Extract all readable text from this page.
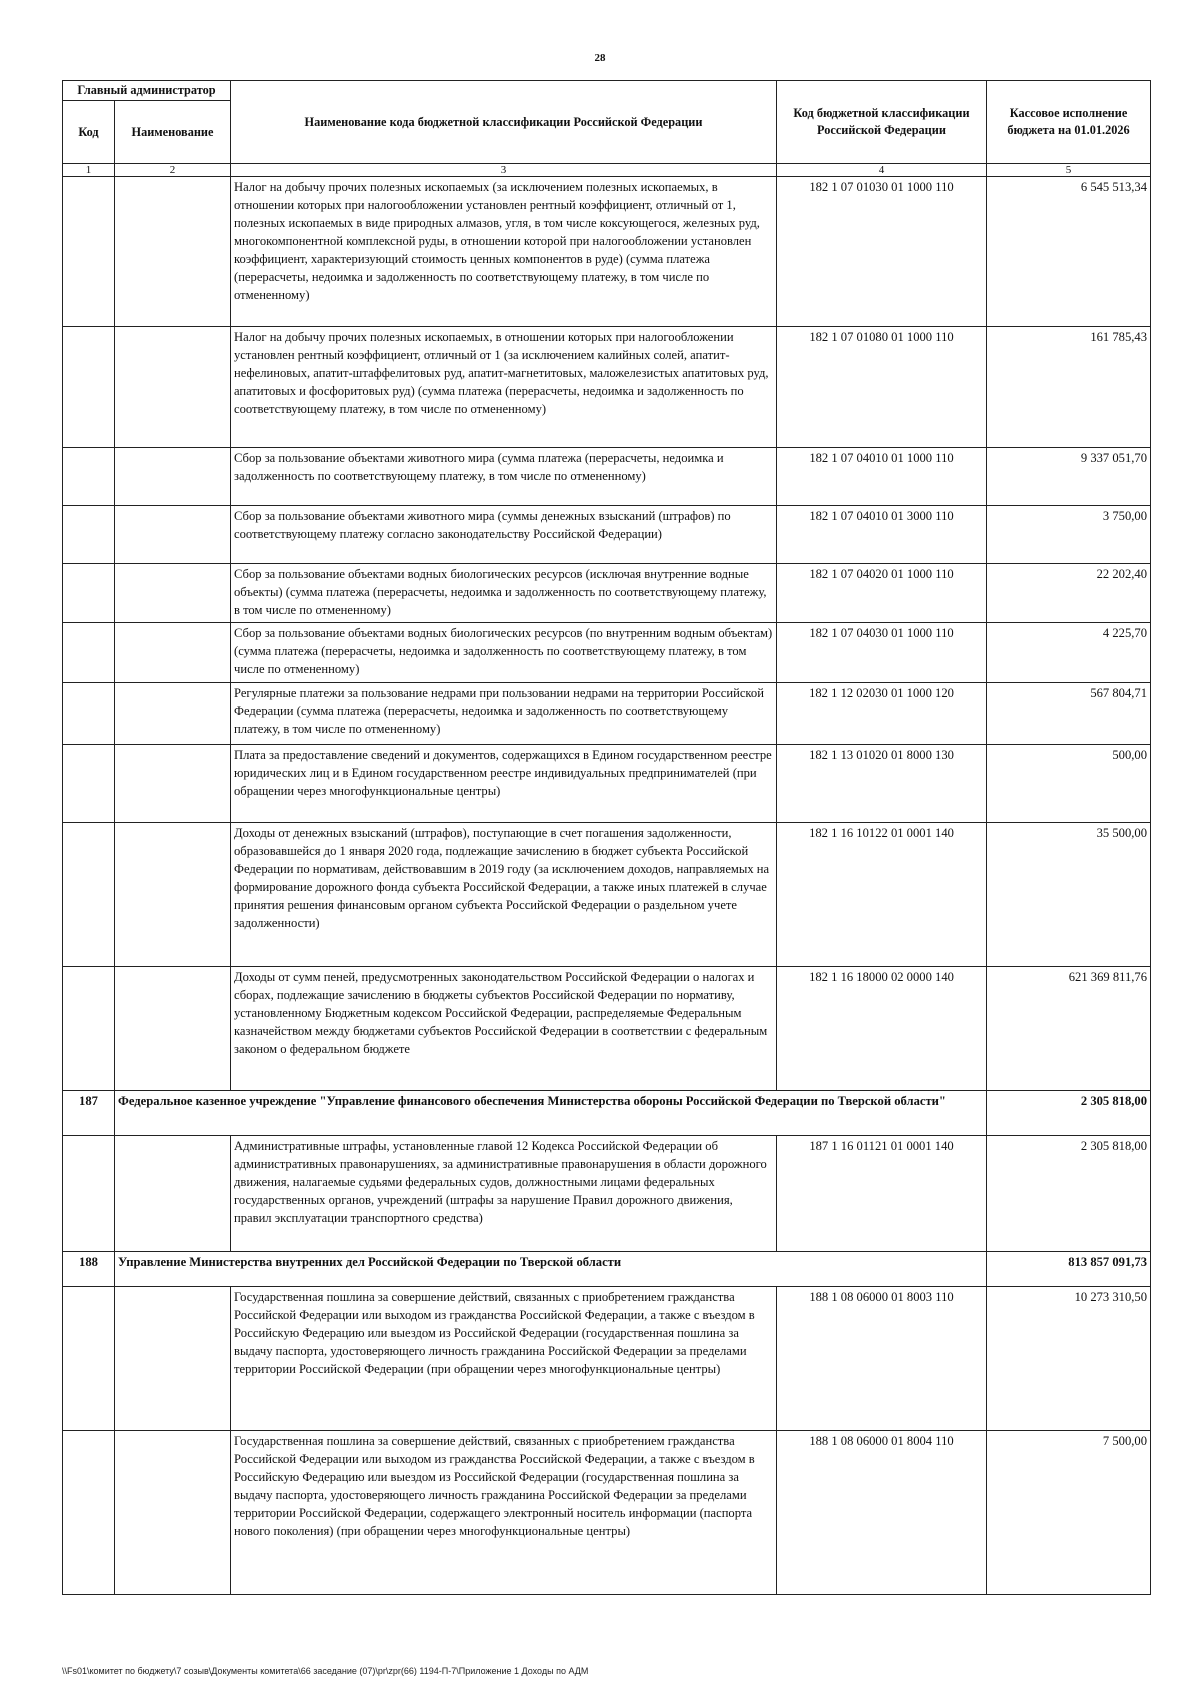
28
Главный администратор		Наименование кода бюджетной классификации Российской Федерации	Код бюджетной классификации Российской Федерации	Кассовое исполнение бюджета на 01.01.2026
Код	Наименование			
1	2	3	4	5
		Налог на добычу прочих полезных ископаемых (за исключением полезных ископаемых, в отношении которых при налогообложении установлен рентный коэффициент, отличный от 1, полезных ископаемых в виде природных алмазов, угля, в том числе коксующегося, железных руд, многокомпонентной комплексной руды, в отношении которой при налогообложении установлен коэффициент, характеризующий стоимость ценных компонентов в руде) (сумма платежа (перерасчеты, недоимка и задолженность по соответствующему платежу, в том числе по отмененному)	182 1 07 01030 01 1000 110	6 545 513,34
		Налог на добычу прочих полезных ископаемых, в отношении которых при налогообложении установлен рентный коэффициент, отличный от 1 (за исключением калийных солей, апатит-нефелиновых, апатит-штаффелитовых руд, апатит-магнетитовых, маложелезистых апатитовых руд, апатитовых и фосфоритовых руд) (сумма платежа (перерасчеты, недоимка и задолженность по соответствующему платежу, в том числе по отмененному)	182 1 07 01080 01 1000 110	161 785,43
		Сбор за пользование объектами животного мира (сумма платежа (перерасчеты, недоимка и задолженность по соответствующему платежу, в том числе по отмененному)	182 1 07 04010 01 1000 110	9 337 051,70
		Сбор за пользование объектами животного мира (суммы денежных взысканий (штрафов) по соответствующему платежу согласно законодательству Российской Федерации)	182 1 07 04010 01 3000 110	3 750,00
		Сбор за пользование объектами водных биологических ресурсов (исключая внутренние водные объекты) (сумма платежа (перерасчеты, недоимка и задолженность по соответствующему платежу, в том числе по отмененному)	182 1 07 04020 01 1000 110	22 202,40
		Сбор за пользование объектами водных биологических ресурсов (по внутренним водным объектам) (сумма платежа (перерасчеты, недоимка и задолженность по соответствующему платежу, в том числе по отмененному)	182 1 07 04030 01 1000 110	4 225,70
		Регулярные платежи за пользование недрами при пользовании недрами на территории Российской Федерации (сумма платежа (перерасчеты, недоимка и задолженность по соответствующему платежу, в том числе по отмененному)	182 1 12 02030 01 1000 120	567 804,71
		Плата за предоставление сведений и документов, содержащихся в Едином государственном реестре юридических лиц и в Едином государственном реестре индивидуальных предпринимателей (при обращении через многофункциональные центры)	182 1 13 01020 01 8000 130	500,00
		Доходы от денежных взысканий (штрафов), поступающие в счет погашения задолженности, образовавшейся до 1 января 2020 года, подлежащие зачислению в бюджет субъекта Российской Федерации по нормативам, действовавшим в 2019 году (за исключением доходов, направляемых на формирование дорожного фонда субъекта Российской Федерации, а также иных платежей в случае принятия решения финансовым органом субъекта Российской Федерации о раздельном учете задолженности)	182 1 16 10122 01 0001 140	35 500,00
		Доходы от сумм пеней, предусмотренных законодательством Российской Федерации о налогах и сборах, подлежащие зачислению в бюджеты субъектов Российской Федерации по нормативу, установленному Бюджетным кодексом Российской Федерации, распределяемые Федеральным казначейством между бюджетами субъектов Российской Федерации в соответствии с федеральным законом о федеральном бюджете	182 1 16 18000 02 0000 140	621 369 811,76
187	Федеральное казенное учреждение "Управление финансового обеспечения Министерства обороны Российской Федерации по Тверской области"			2 305 818,00
		Административные штрафы, установленные главой 12 Кодекса Российской Федерации об административных правонарушениях, за административные правонарушения в области дорожного движения, налагаемые судьями федеральных судов, должностными лицами федеральных государственных органов, учреждений (штрафы за нарушение Правил дорожного движения, правил эксплуатации транспортного средства)	187 1 16 01121 01 0001 140	2 305 818,00
188	Управление Министерства внутренних дел Российской Федерации по Тверской области			813 857 091,73
		Государственная пошлина за совершение действий, связанных с приобретением гражданства Российской Федерации или выходом из гражданства Российской Федерации, а также с въездом в Российскую Федерацию или выездом из Российской Федерации (государственная пошлина за выдачу паспорта, удостоверяющего личность гражданина Российской Федерации за пределами территории Российской Федерации (при обращении через многофункциональные центры)	188 1 08 06000 01 8003 110	10 273 310,50
		Государственная пошлина за совершение действий, связанных с приобретением гражданства Российской Федерации или выходом из гражданства Российской Федерации, а также с въездом в Российскую Федерацию или выездом из Российской Федерации (государственная пошлина за выдачу паспорта, удостоверяющего личность гражданина Российской Федерации за пределами территории Российской Федерации, содержащего электронный носитель информации (паспорта нового поколения) (при обращении через многофункциональные центры)	188 1 08 06000 01 8004 110	7 500,00
\\Fs01\комитет по бюджету\7 созыв\Документы комитета\66 заседание (07)\pr\zpr(66) 1194-П-7\Приложение 1 Доходы по АДМ
